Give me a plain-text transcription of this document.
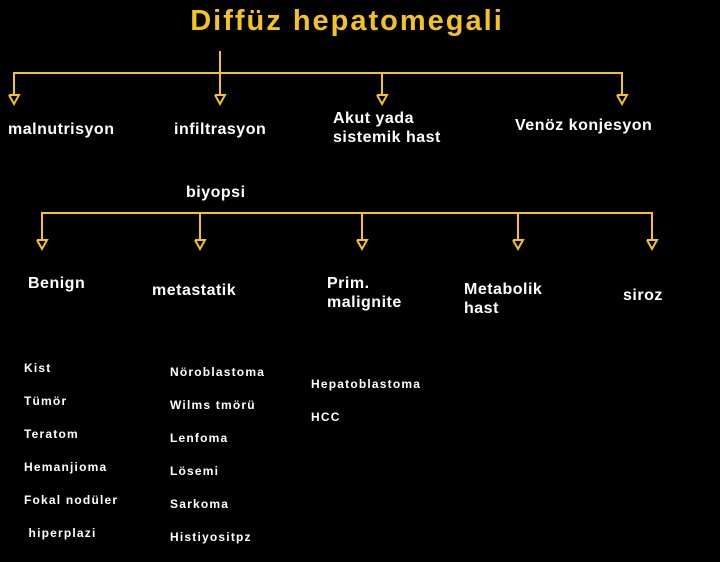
Diffüz hepatomegali
malnutrisyon	infiltrasyon
Akut yada
sistemik hast
Venöz konjesyon
biyopsi
Benign	metastatik	Prim.
malignite
Metabolik
hast
siroz

Kist

Tümör

Teratom

Hemanjioma

Fokal nodüler

hiperplazi

Nöroblastoma

Wilms tmörü

Lenfoma

Lösemi

Sarkoma

Histiyositpz

Hepatoblastoma

HCC
